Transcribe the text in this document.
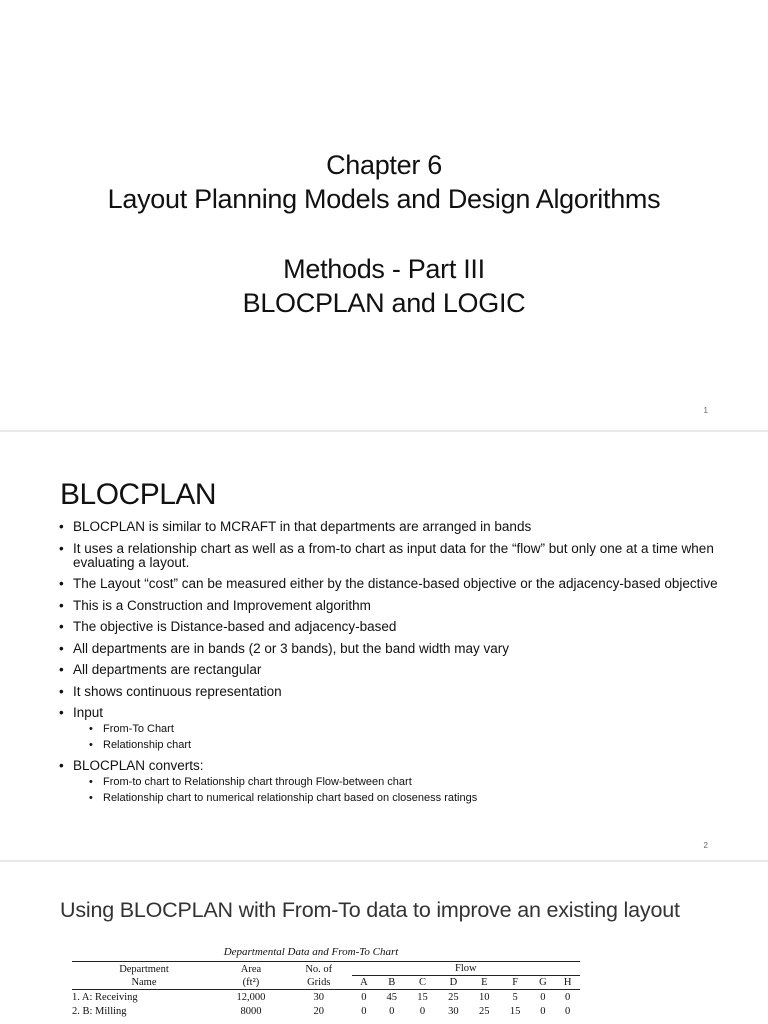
Chapter 6
Layout Planning Models and Design Algorithms
Methods - Part III
BLOCPLAN and LOGIC
1
BLOCPLAN
• BLOCPLAN is similar to MCRAFT in that departments are arranged in bands
• It uses a relationship chart as well as a from-to chart as input data for the “flow” but only one at a time when evaluating a layout.
• The Layout “cost” can be measured either by the distance-based objective or the adjacency-based objective
• This is a Construction and Improvement algorithm
• The objective is Distance-based and adjacency-based
• All departments are in bands (2 or 3 bands), but the band width may vary
• All departments are rectangular
• It shows continuous representation
• Input
• From-To Chart
• Relationship chart
• BLOCPLAN converts:
• From-to chart to Relationship chart through Flow-between chart
• Relationship chart to numerical relationship chart based on closeness ratings
2
Using BLOCPLAN with From-To data to improve an existing layout
Departmental Data and From-To Chart
Department	Area	No. of	Flow							
Name	(ft²)	Grids	A	B	C	D	E	F	G	H
1. A: Receiving	12,000	30	0	45	15	25	10	5	0	0
2. B: Milling	8000	20	0	0	0	30	25	15	0	0
